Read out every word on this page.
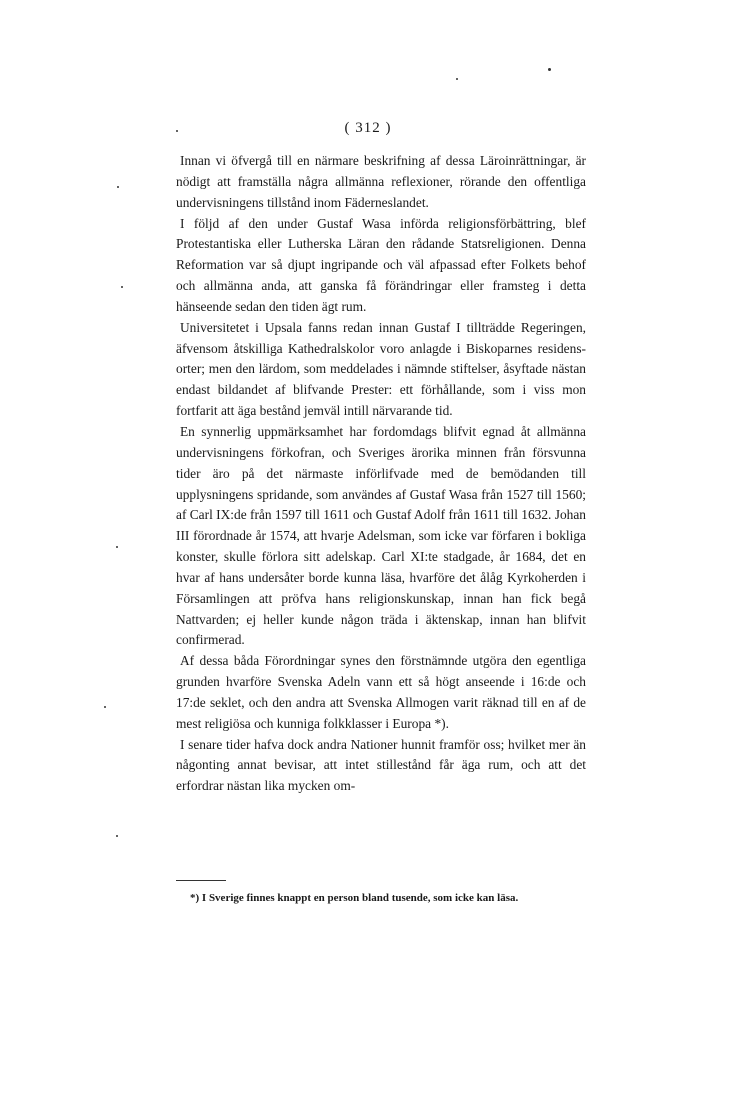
( 312 )

Innan vi öfvergå till en närmare beskrifning af dessa Läroinrättningar, är nödigt att framställa några allmänna reflexioner, rörande den offentliga undervisningens tillstånd inom Fäderneslandet.

I följd af den under Gustaf Wasa införda religionsförbättring, blef Protestantiska eller Lutherska Läran den rådande Statsreligionen. Denna Reformation var så djupt ingripande och väl afpassad efter Folkets behof och allmänna anda, att ganska få förändringar eller framsteg i detta hänseende sedan den tiden ägt rum.

Universitetet i Upsala fanns redan innan Gustaf I tillträdde Regeringen, äfvensom åtskilliga Kathedralskolor voro anlagde i Biskoparnes residens-orter; men den lärdom, som meddelades i nämnde stiftelser, åsyftade nästan endast bildandet af blifvande Prester: ett förhållande, som i viss mon fortfarit att äga bestånd jemväl intill närvarande tid.

En synnerlig uppmärksamhet har fordomdags blifvit egnad åt allmänna undervisningens förkofran, och Sveriges ärorika minnen från försvunna tider äro på det närmaste införlifvade med de bemödanden till upplysningens spridande, som användes af Gustaf Wasa från 1527 till 1560; af Carl IX:de från 1597 till 1611 och Gustaf Adolf från 1611 till 1632. Johan III förordnade år 1574, att hvarje Adelsman, som icke var förfaren i bokliga konster, skulle förlora sitt adelskap. Carl XI:te stadgade, år 1684, det en hvar af hans undersåter borde kunna läsa, hvarföre det ålåg Kyrkoherden i Församlingen att pröfva hans religionskunskap, innan han fick begå Nattvarden; ej heller kunde någon träda i äktenskap, innan han blifvit confirmerad.

Af dessa båda Förordningar synes den förstnämnde utgöra den egentliga grunden hvarföre Svenska Adeln vann ett så högt anseende i 16:de och 17:de seklet, och den andra att Svenska Allmogen varit räknad till en af de mest religiösa och kunniga folkklasser i Europa *).

I senare tider hafva dock andra Nationer hunnit framför oss; hvilket mer än någonting annat bevisar, att intet stillestånd får äga rum, och att det erfordrar nästan lika mycken om-

*) I Sverige finnes knappt en person bland tusende, som icke kan läsa.
